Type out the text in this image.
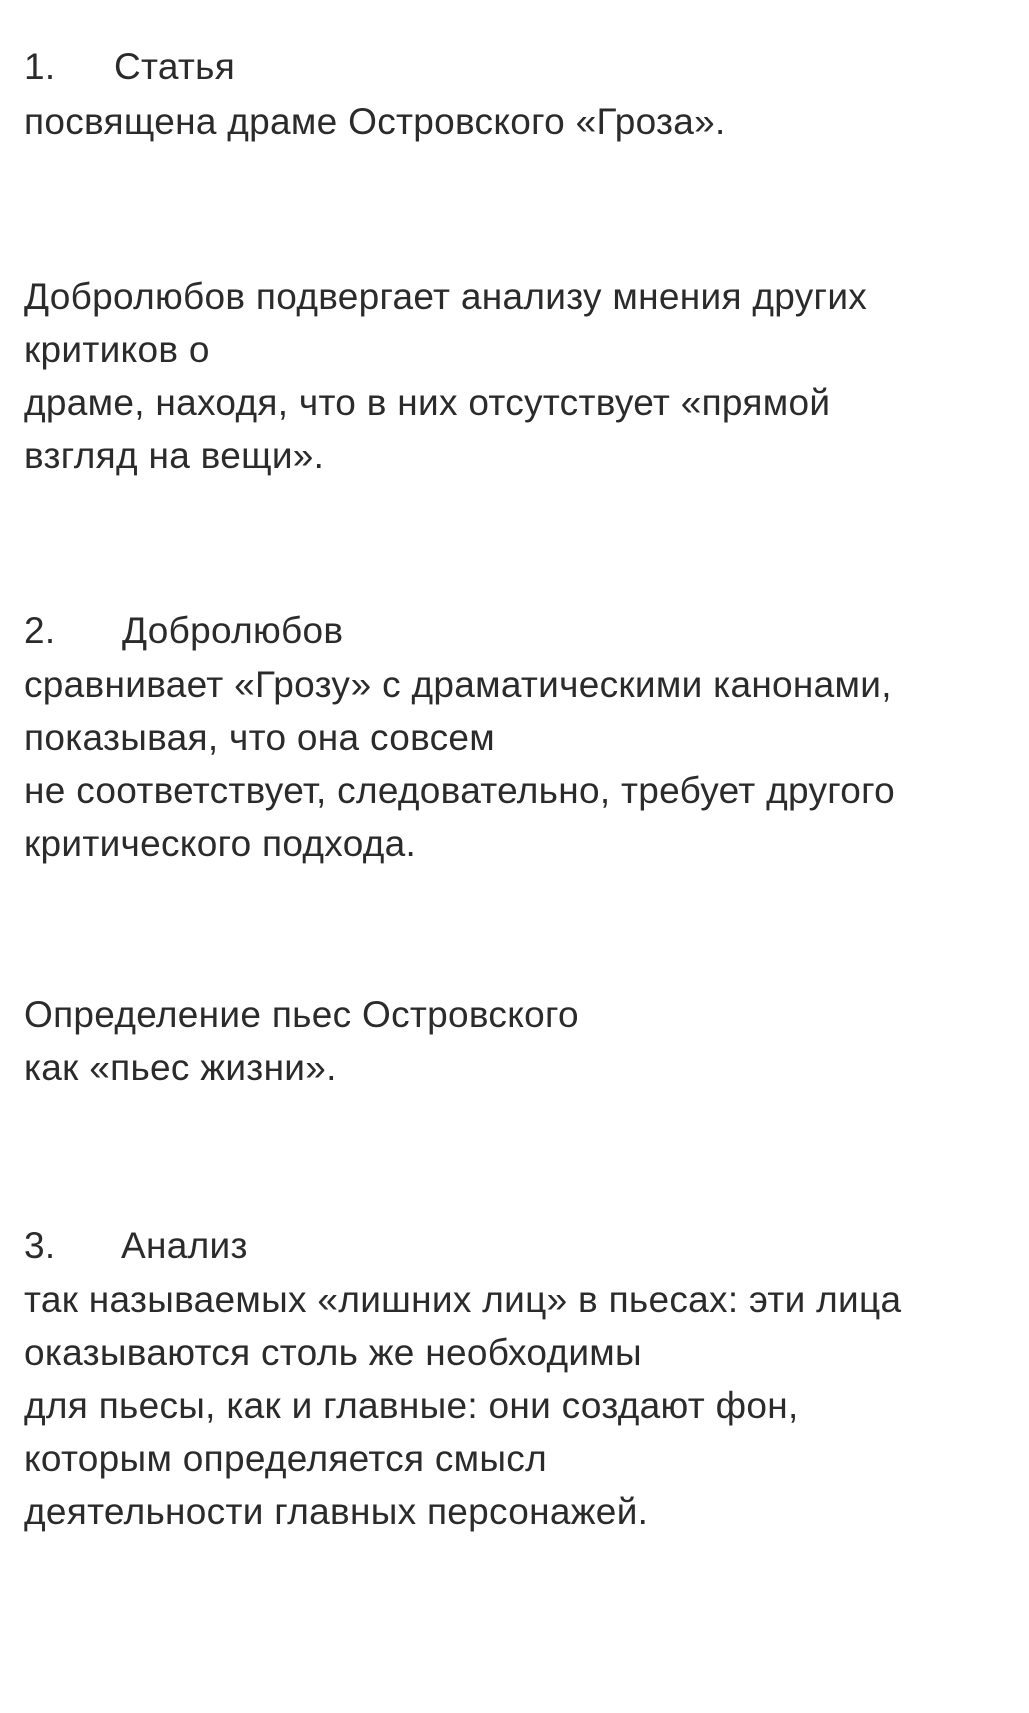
1. Статья
посвящена драме Островского «Гроза».
Добролюбов подвергает анализу мнения других
критиков о
драме, находя, что в них отсутствует «прямой
взгляд на вещи».
2. Добролюбов
сравнивает «Грозу» с драматическими канонами,
показывая, что она совсем
не соответствует, следовательно, требует другого
критического подхода.
Определение пьес Островского
как «пьес жизни».
3. Анализ
так называемых «лишних лиц» в пьесах: эти лица
оказываются столь же необходимы
для пьесы, как и главные: они создают фон,
которым определяется смысл
деятельности главных персонажей.
